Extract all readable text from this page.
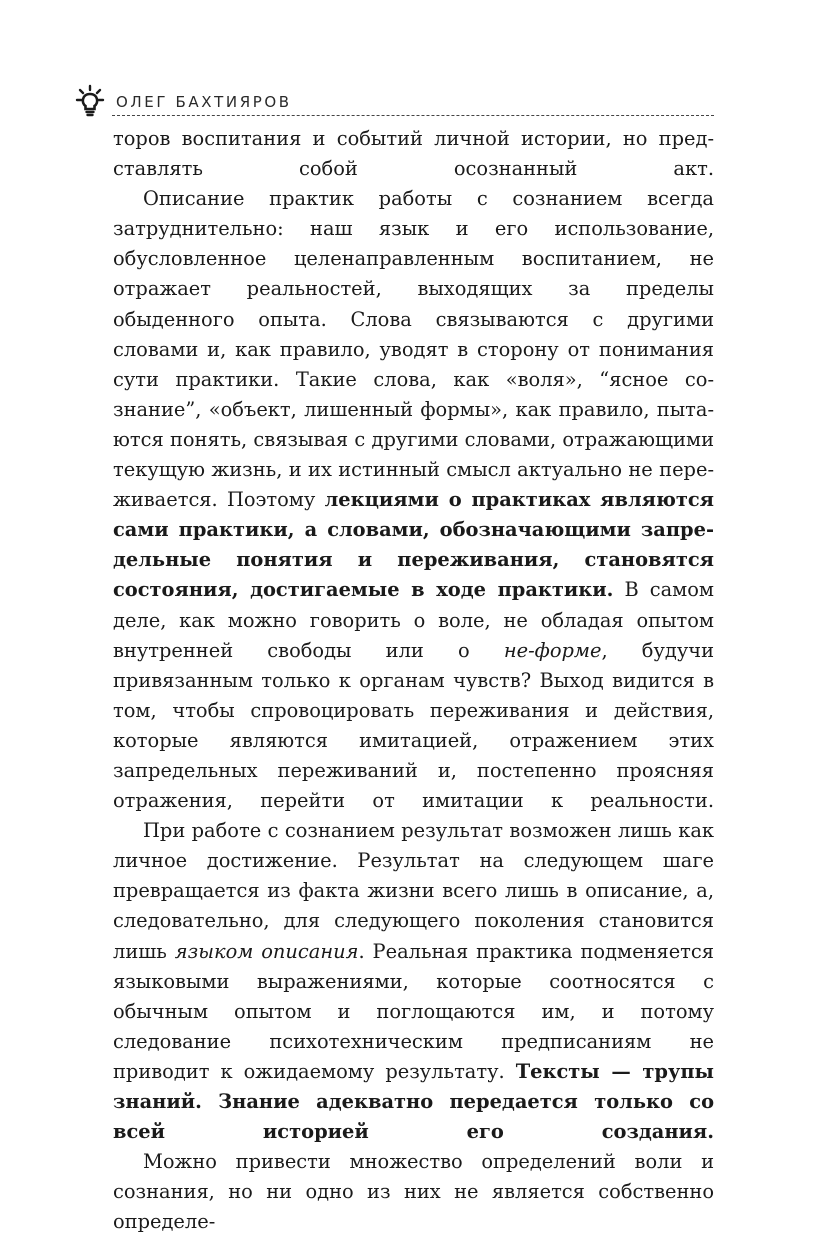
ОЛЕГ БАХТИЯРОВ

торов воспитания и событий личной истории, но представлять собой осознанный акт.

Описание практик работы с сознанием всегда затруднительно: наш язык и его использование, обусловленное целенаправленным воспитанием, не отражает реальностей, выходящих за пределы обыденного опыта. Слова связываются с другими словами и, как правило, уводят в сторону от понимания сути практики. Такие слова, как «воля», “ясное сознание”, «объект, лишенный формы», как правило, пытаются понять, связывая с другими словами, отражающими текущую жизнь, и их истинный смысл актуально не переживается. Поэтому лекциями о практиках являются сами практики, а словами, обозначающими запредельные понятия и переживания, становятся состояния, достигаемые в ходе практики. В самом деле, как можно говорить о воле, не обладая опытом внутренней свободы или о не-форме, будучи привязанным только к органам чувств? Выход видится в том, чтобы спровоцировать переживания и действия, которые являются имитацией, отражением этих запредельных переживаний и, постепенно проясняя отражения, перейти от имитации к реальности.

При работе с сознанием результат возможен лишь как личное достижение. Результат на следующем шаге превращается из факта жизни всего лишь в описание, а, следовательно, для следующего поколения становится лишь языком описания. Реальная практика подменяется языковыми выражениями, которые соотносятся с обычным опытом и поглощаются им, и потому следование психотехническим предписаниям не приводит к ожидаемому результату. Тексты — трупы знаний. Знание адекватно передается только со всей историей его создания.

Можно привести множество определений воли и сознания, но ни одно из них не является собственно определе-
